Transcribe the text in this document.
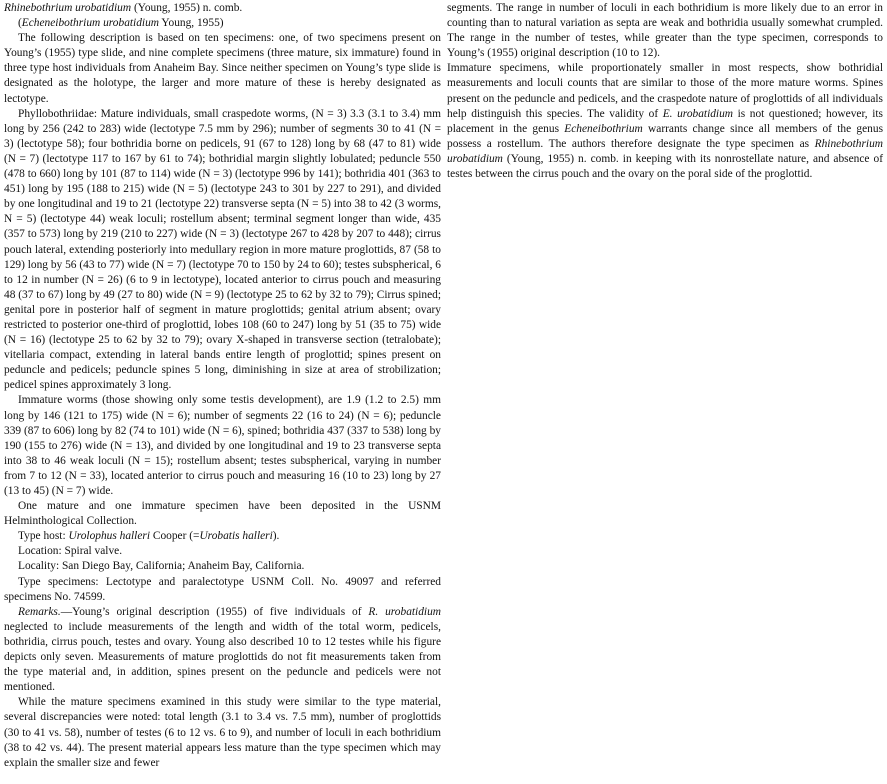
Rhinebothrium urobatidium (Young, 1955) n. comb.

(Echeneibothrium urobatidium Young, 1955)

The following description is based on ten specimens: one, of two specimens present on Young’s (1955) type slide, and nine complete specimens (three mature, six immature) found in three type host individuals from Anaheim Bay. Since neither specimen on Young’s type slide is designated as the holotype, the larger and more mature of these is hereby designated as lectotype.

Phyllobothriidae: Mature individuals, small craspedote worms, (N = 3) 3.3 (3.1 to 3.4) mm long by 256 (242 to 283) wide (lectotype 7.5 mm by 296); number of segments 30 to 41 (N = 3) (lectotype 58); four bothridia borne on pedicels, 91 (67 to 128) long by 68 (47 to 81) wide (N = 7) (lectotype 117 to 167 by 61 to 74); bothridial margin slightly lobulated; peduncle 550 (478 to 660) long by 101 (87 to 114) wide (N = 3) (lectotype 996 by 141); bothridia 401 (363 to 451) long by 195 (188 to 215) wide (N = 5) (lectotype 243 to 301 by 227 to 291), and divided by one longitudinal and 19 to 21 (lectotype 22) transverse septa (N = 5) into 38 to 42 (3 worms, N = 5) (lectotype 44) weak loculi; rostellum absent; terminal segment longer than wide, 435 (357 to 573) long by 219 (210 to 227) wide (N = 3) (lectotype 267 to 428 by 207 to 448); cirrus pouch lateral, extending posteriorly into medullary region in more mature proglottids, 87 (58 to 129) long by 56 (43 to 77) wide (N = 7) (lectotype 70 to 150 by 24 to 60); testes subspherical, 6 to 12 in number (N = 26) (6 to 9 in lectotype), located anterior to cirrus pouch and measuring 48 (37 to 67) long by 49 (27 to 80) wide (N = 9) (lectotype 25 to 62 by 32 to 79); Cirrus spined; genital pore in posterior half of segment in mature proglottids; genital atrium absent; ovary restricted to posterior one-third of proglottid, lobes 108 (60 to 247) long by 51 (35 to 75) wide (N = 16) (lectotype 25 to 62 by 32 to 79); ovary X-shaped in transverse section (tetralobate); vitellaria compact, extending in lateral bands entire length of proglottid; spines present on peduncle and pedicels; peduncle spines 5 long, diminishing in size at area of strobilization; pedicel spines approximately 3 long.

Immature worms (those showing only some testis development), are 1.9 (1.2 to 2.5) mm long by 146 (121 to 175) wide (N = 6); number of segments 22 (16 to 24) (N = 6); peduncle 339 (87 to 606) long by 82 (74 to 101) wide (N = 6), spined; bothridia 437 (337 to 538) long by 190 (155 to 276) wide (N = 13), and divided by one longitudinal and 19 to 23 transverse septa into 38 to 46 weak loculi (N = 15); rostellum absent; testes subspherical, varying in number from 7 to 12 (N = 33), located anterior to cirrus pouch and measuring 16 (10 to 23) long by 27 (13 to 45) (N = 7) wide.

One mature and one immature specimen have been deposited in the USNM Helminthological Collection.

Type host: Urolophus halleri Cooper (=Urobatis halleri).

Location: Spiral valve.

Locality: San Diego Bay, California; Anaheim Bay, California.

Type specimens: Lectotype and paralectotype USNM Coll. No. 49097 and referred specimens No. 74599.

Remarks.—Young’s original description (1955) of five individuals of R. urobatidium neglected to include measurements of the length and width of the total worm, pedicels, bothridia, cirrus pouch, testes and ovary. Young also described 10 to 12 testes while his figure depicts only seven. Measurements of mature proglottids do not fit measurements taken from the type material and, in addition, spines present on the peduncle and pedicels were not mentioned.

While the mature specimens examined in this study were similar to the type material, several discrepancies were noted: total length (3.1 to 3.4 vs. 7.5 mm), number of proglottids (30 to 41 vs. 58), number of testes (6 to 12 vs. 6 to 9), and number of loculi in each bothridium (38 to 42 vs. 44). The present material appears less mature than the type specimen which may explain the smaller size and fewer

segments. The range in number of loculi in each bothridium is more likely due to an error in counting than to natural variation as septa are weak and bothridia usually somewhat crumpled. The range in the number of testes, while greater than the type specimen, corresponds to Young’s (1955) original description (10 to 12).

Immature specimens, while proportionately smaller in most respects, show bothridial measurements and loculi counts that are similar to those of the more mature worms. Spines present on the peduncle and pedicels, and the craspedote nature of proglottids of all individuals help distinguish this species. The validity of E. urobatidium is not questioned; however, its placement in the genus Echeneibothrium warrants change since all members of the genus possess a rostellum. The authors therefore designate the type specimen as Rhinebothrium urobatidium (Young, 1955) n. comb. in keeping with its nonrostellate nature, and absence of testes between the cirrus pouch and the ovary on the poral side of the proglottid.
